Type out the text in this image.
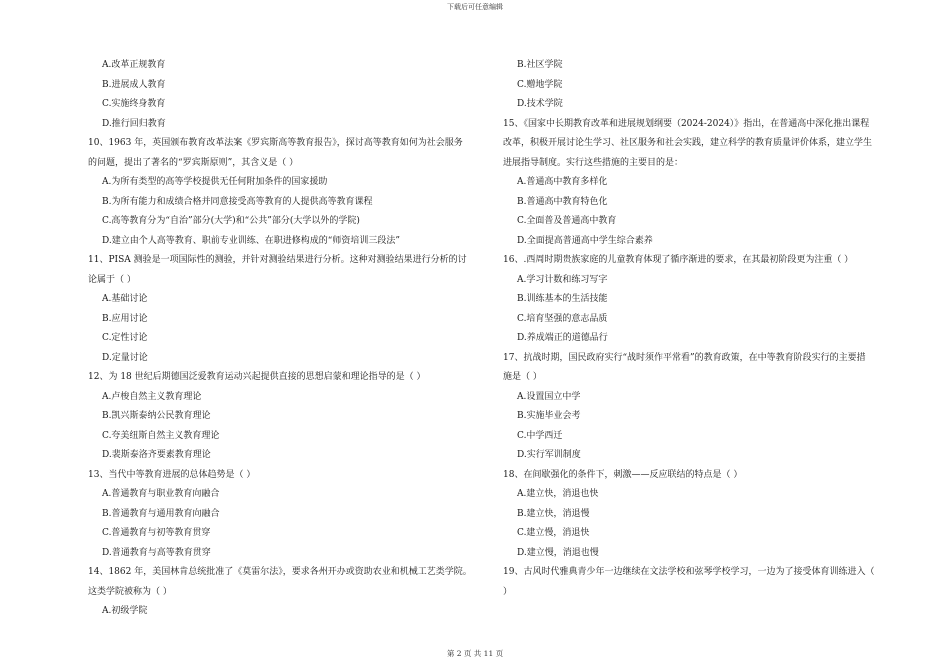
下载后可任意编辑
A.改革正规教育
B.进展成人教育
C.实施终身教育
D.推行回归教育
10、1963 年，英国颁布教育改革法案《罗宾斯高等教育报告》，探讨高等教育如何为社会服务
的问题，提出了著名的“罗宾斯原则”，其含义是（ ）
A.为所有类型的高等学校提供无任何附加条件的国家援助
B.为所有能力和成绩合格并同意接受高等教育的人提供高等教育课程
C.高等教育分为“自治”部分(大学)和“公共”部分(大学以外的学院)
D.建立由个人高等教育、职前专业训练、在职进修构成的“师资培训三段法”
11、PISA 测验是一项国际性的测验，并针对测验结果进行分析。这种对测验结果进行分析的讨
论属于（ ）
A.基础讨论
B.应用讨论
C.定性讨论
D.定量讨论
12、为 18 世纪后期德国泛爱教育运动兴起提供直接的思想启蒙和理论指导的是（ ）
A.卢梭自然主义教育理论
B.凯兴斯泰纳公民教育理论
C.夸美纽斯自然主义教育理论
D.裴斯泰洛齐要素教育理论
13、当代中等教育进展的总体趋势是（ ）
A.普通教育与职业教育向融合
B.普通教育与通用教育向融合
C.普通教育与初等教育贯穿
D.普通教育与高等教育贯穿
14、1862 年，美国林肯总统批准了《莫雷尔法》，要求各州开办或资助农业和机械工艺类学院。
这类学院被称为（ ）
A.初级学院
B.社区学院
C.赠地学院
D.技术学院
15、《国家中长期教育改革和进展规划纲要（2024-2024）》指出，在普通高中深化推出课程
改革，积极开展讨论生学习、社区服务和社会实践，建立科学的教育质量评价体系，建立学生
进展指导制度。实行这些措施的主要目的是：
A.普通高中教育多样化
B.普通高中教育特色化
C.全面普及普通高中教育
D.全面提高普通高中学生综合素养
16、.西周时期贵族家庭的儿童教育体现了循序渐进的要求，在其最初阶段更为注重（ ）
A.学习计数和练习写字
B.训练基本的生活技能
C.培育坚强的意志品质
D.养成端正的道德品行
17、抗战时期，国民政府实行“战时须作平常看”的教育政策，在中等教育阶段实行的主要措
施是（ ）
A.设置国立中学
B.实施毕业会考
C.中学西迁
D.实行军训制度
18、在间歇强化的条件下，刺激——反应联结的特点是（ ）
A.建立快，消退也快
B.建立快，消退慢
C.建立慢，消退快
D.建立慢，消退也慢
19、古风时代雅典青少年一边继续在文法学校和弦琴学校学习，一边为了接受体育训练进入（
）
第 2 页 共 11 页
